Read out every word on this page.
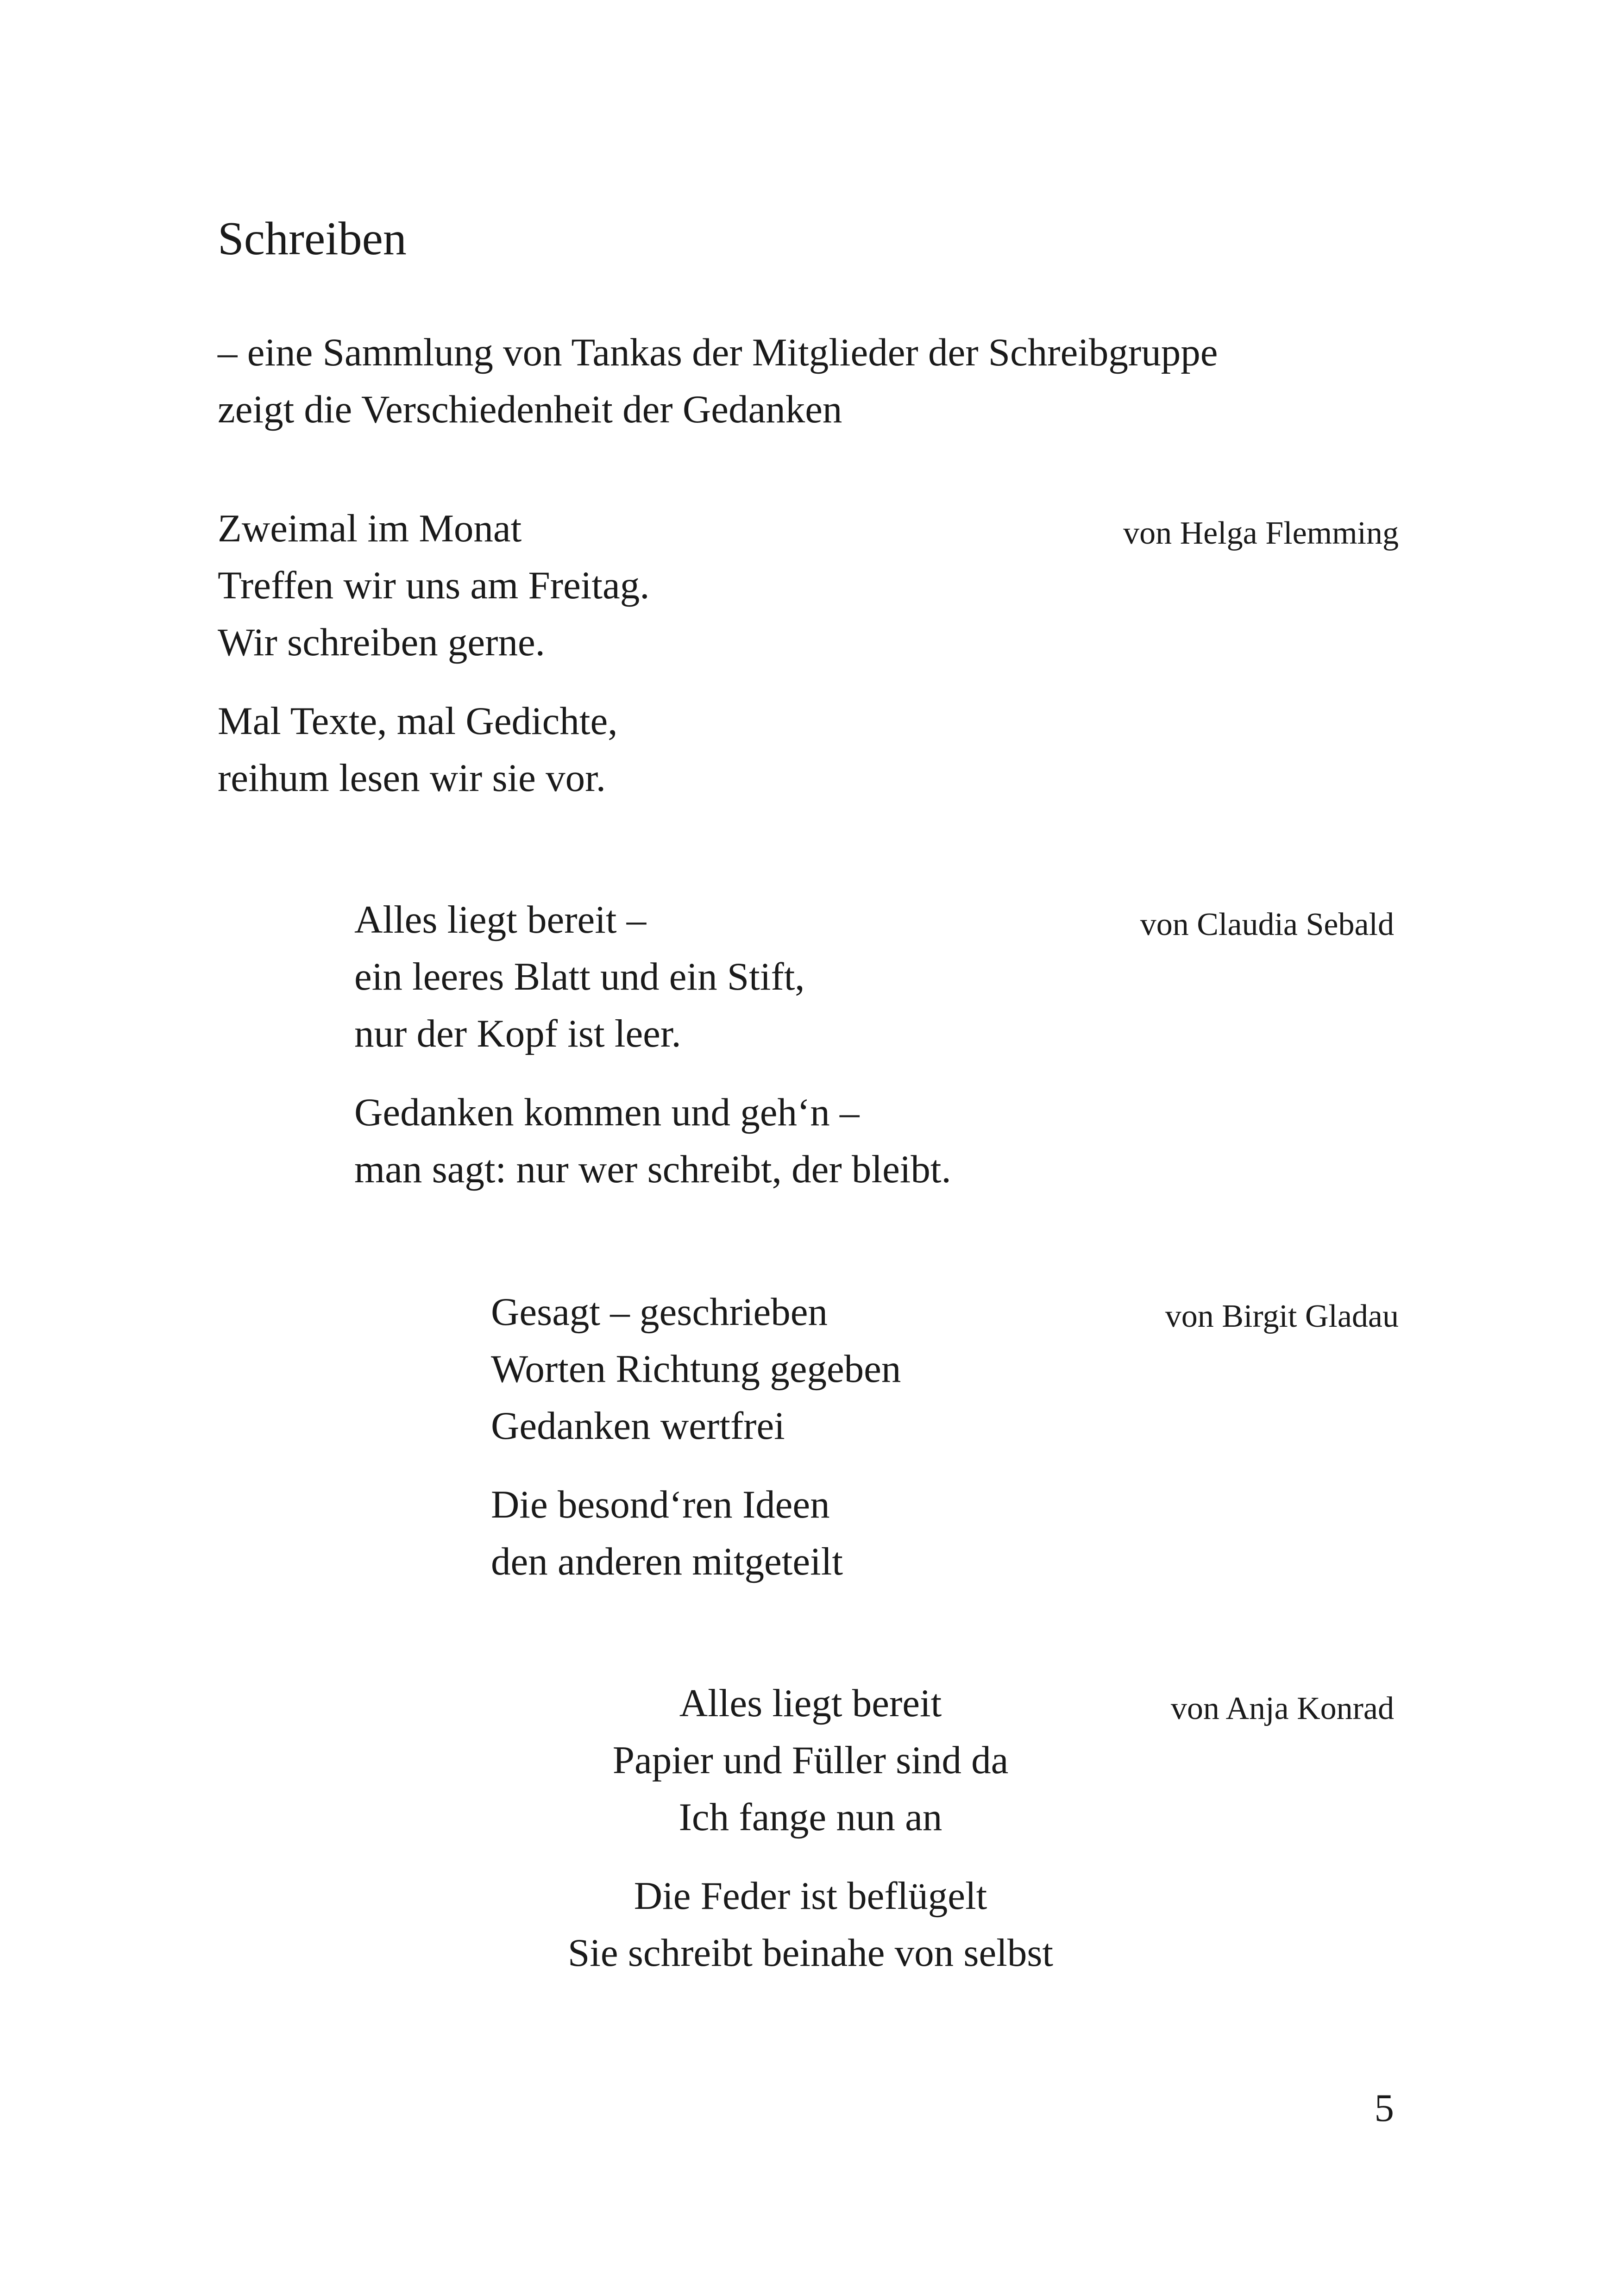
Schreiben
– eine Sammlung von Tankas der Mitglieder der Schreibgruppe
zeigt die Verschiedenheit der Gedanken
Zweimal im Monat
Treffen wir uns am Freitag.
Wir schreiben gerne.
Mal Texte, mal Gedichte,
reihum lesen wir sie vor.
von Helga Flemming
Alles liegt bereit –
ein leeres Blatt und ein Stift,
nur der Kopf ist leer.
Gedanken kommen und geh‘n –
man sagt: nur wer schreibt, der bleibt.
von Claudia Sebald
Gesagt – geschrieben
Worten Richtung gegeben
Gedanken wertfrei
Die besond‘ren Ideen
den anderen mitgeteilt
von Birgit Gladau
Alles liegt bereit
Papier und Füller sind da
Ich fange nun an
Die Feder ist beflügelt
Sie schreibt beinahe von selbst
von Anja Konrad
5
